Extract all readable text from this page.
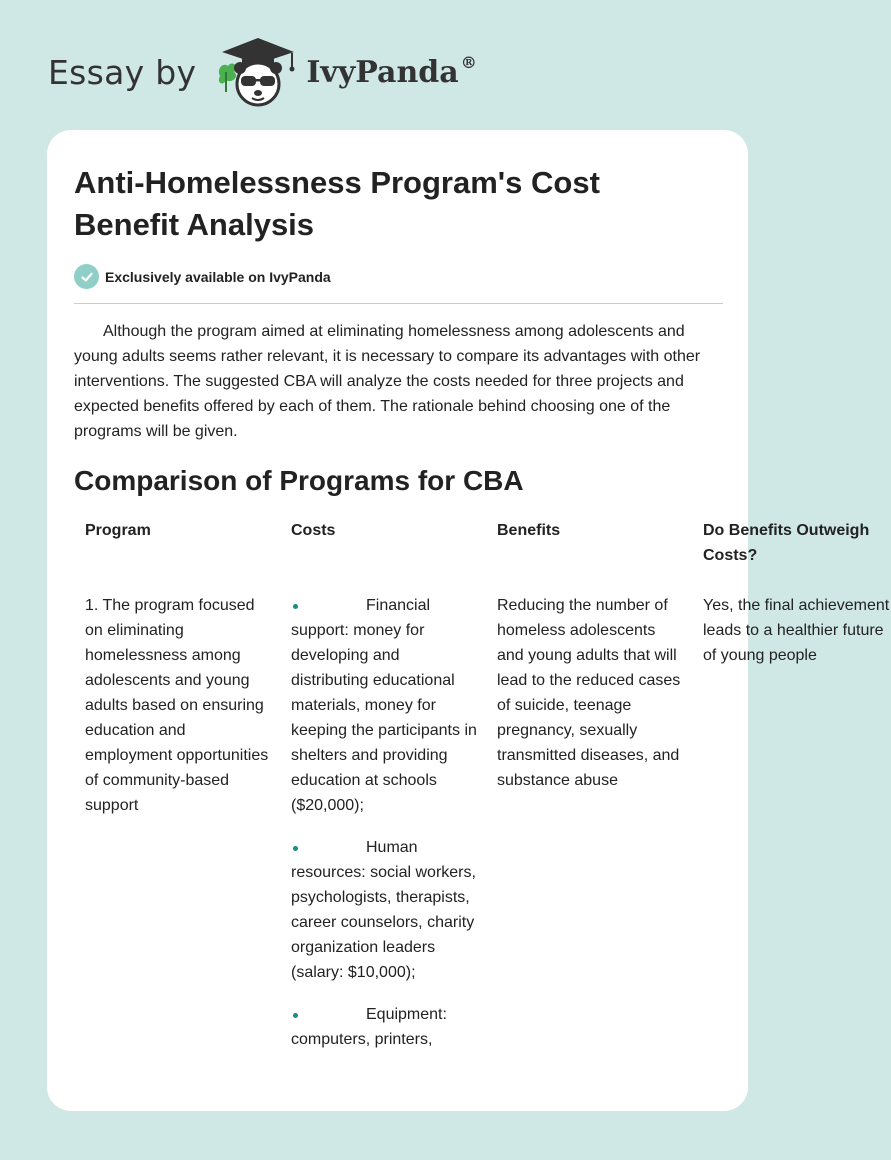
Essay by	IvyPanda ®
Anti-Homelessness Program's Cost Benefit Analysis
Exclusively available on IvyPanda

Although the program aimed at eliminating homelessness among adolescents and young adults seems rather relevant, it is necessary to compare its advantages with other interventions. The suggested CBA will analyze the costs needed for three projects and expected benefits offered by each of them. The rationale behind choosing one of the programs will be given.

Comparison of Programs for CBA
Program
1. The program focused on eliminating homelessness among adolescents and young adults based on ensuring education and employment opportunities of community-based support
Costs
Financial support: money for developing and distributing educational materials, money for keeping the participants in shelters and providing education at schools ($20,000);
Human resources: social workers, psychologists, therapists, career counselors, charity organization leaders (salary: $10,000);
Equipment: computers, printers,
Benefits
Reducing the number of homeless adolescents and young adults that will lead to the reduced cases of suicide, teenage pregnancy, sexually transmitted diseases, and substance abuse
Do Benefits Outweigh Costs?
Yes, the final achievement leads to a healthier future of young people
